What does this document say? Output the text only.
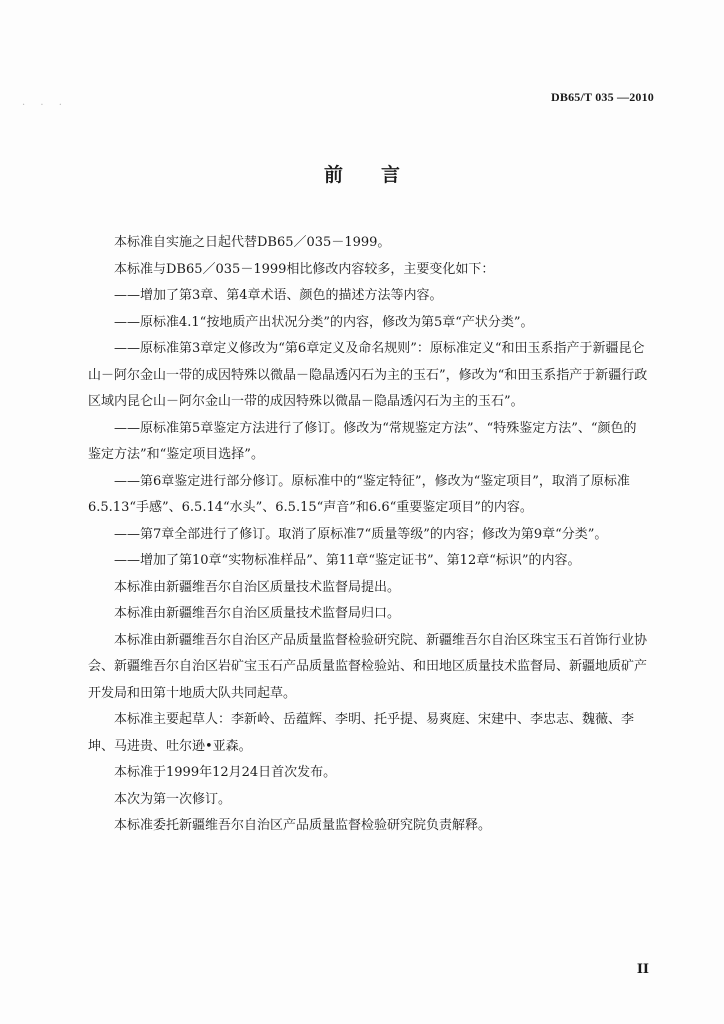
· · ·
DB65/T 035 —2010
前言

本标准自实施之日起代替DB65／035－1999。

本标准与DB65／035－1999相比修改内容较多，主要变化如下：

——增加了第3章、第4章术语、颜色的描述方法等内容。

——原标准4.1“按地质产出状况分类”的内容，修改为第5章“产状分类”。

——原标准第3章定义修改为“第6章定义及命名规则”：原标准定义“和田玉系指产于新疆昆仑山－阿尔金山一带的成因特殊以微晶－隐晶透闪石为主的玉石”，修改为“和田玉系指产于新疆行政区域内昆仑山－阿尔金山一带的成因特殊以微晶－隐晶透闪石为主的玉石”。

——原标准第5章鉴定方法进行了修订。修改为“常规鉴定方法”、“特殊鉴定方法”、“颜色的鉴定方法”和“鉴定项目选择”。

——第6章鉴定进行部分修订。原标准中的“鉴定特征”，修改为“鉴定项目”，取消了原标准6.5.13“手感”、6.5.14“水头”、6.5.15“声音”和6.6“重要鉴定项目”的内容。

——第7章全部进行了修订。取消了原标准7“质量等级”的内容；修改为第9章“分类”。

——增加了第10章“实物标准样品”、第11章“鉴定证书”、第12章“标识”的内容。

本标准由新疆维吾尔自治区质量技术监督局提出。

本标准由新疆维吾尔自治区质量技术监督局归口。

本标准由新疆维吾尔自治区产品质量监督检验研究院、新疆维吾尔自治区珠宝玉石首饰行业协会、新疆维吾尔自治区岩矿宝玉石产品质量监督检验站、和田地区质量技术监督局、新疆地质矿产开发局和田第十地质大队共同起草。

本标准主要起草人：李新岭、岳蕴辉、李明、托乎提、易爽庭、宋建中、李忠志、魏薇、李坤、马进贵、吐尔逊•亚森。

本标准于1999年12月24日首次发布。

本次为第一次修订。

本标准委托新疆维吾尔自治区产品质量监督检验研究院负责解释。

II
